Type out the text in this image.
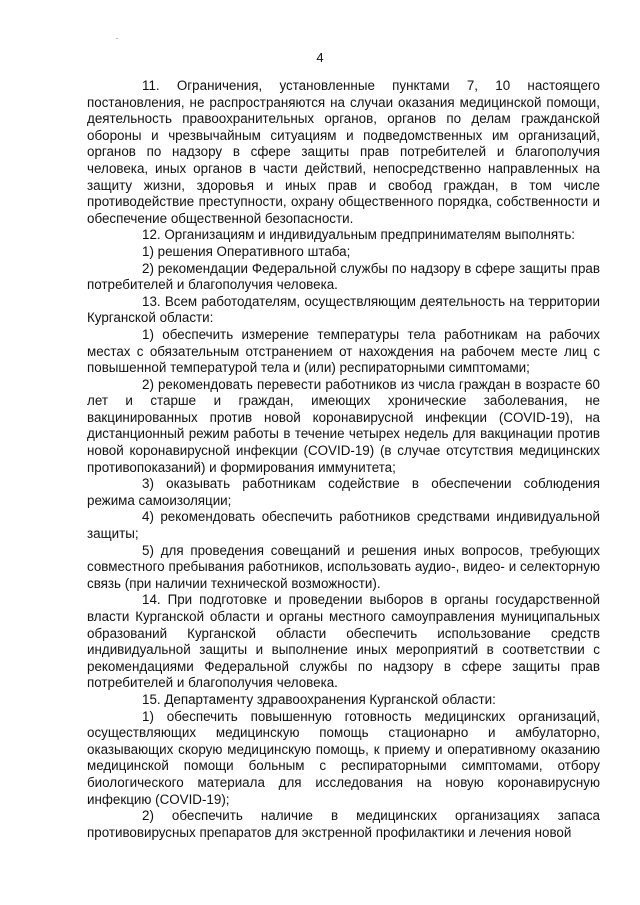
4

11. Ограничения, установленные пунктами 7, 10 настоящего постановления, не распространяются на случаи оказания медицинской помощи, деятельность правоохранительных органов, органов по делам гражданской обороны и чрезвычайным ситуациям и подведомственных им организаций, органов по надзору в сфере защиты прав потребителей и благополучия человека, иных органов в части действий, непосредственно направленных на защиту жизни, здоровья и иных прав и свобод граждан, в том числе противодействие преступности, охрану общественного порядка, собственности и обеспечение общественной безопасности.

12. Организациям и индивидуальным предпринимателям выполнять:

1) решения Оперативного штаба;

2) рекомендации Федеральной службы по надзору в сфере защиты прав потребителей и благополучия человека.

13. Всем работодателям, осуществляющим деятельность на территории Курганской области:

1) обеспечить измерение температуры тела работникам на рабочих местах с обязательным отстранением от нахождения на рабочем месте лиц с повышенной температурой тела и (или) респираторными симптомами;

2) рекомендовать перевести работников из числа граждан в возрасте 60 лет и старше и граждан, имеющих хронические заболевания, не вакцинированных против новой коронавирусной инфекции (COVID-19), на дистанционный режим работы в течение четырех недель для вакцинации против новой коронавирусной инфекции (COVID-19) (в случае отсутствия медицинских противопоказаний) и формирования иммунитета;

3) оказывать работникам содействие в обеспечении соблюдения режима самоизоляции;

4) рекомендовать обеспечить работников средствами индивидуальной защиты;

5) для проведения совещаний и решения иных вопросов, требующих совместного пребывания работников, использовать аудио-, видео- и селекторную связь (при наличии технической возможности).

14. При подготовке и проведении выборов в органы государственной власти Курганской области и органы местного самоуправления муниципальных образований Курганской области обеспечить использование средств индивидуальной защиты и выполнение иных мероприятий в соответствии с рекомендациями Федеральной службы по надзору в сфере защиты прав потребителей и благополучия человека.

15. Департаменту здравоохранения Курганской области:

1) обеспечить повышенную готовность медицинских организаций, осуществляющих медицинскую помощь стационарно и амбулаторно, оказывающих скорую медицинскую помощь, к приему и оперативному оказанию медицинской помощи больным с респираторными симптомами, отбору биологического материала для исследования на новую коронавирусную инфекцию (COVID-19);

2) обеспечить наличие в медицинских организациях запаса противовирусных препаратов для экстренной профилактики и лечения новой
